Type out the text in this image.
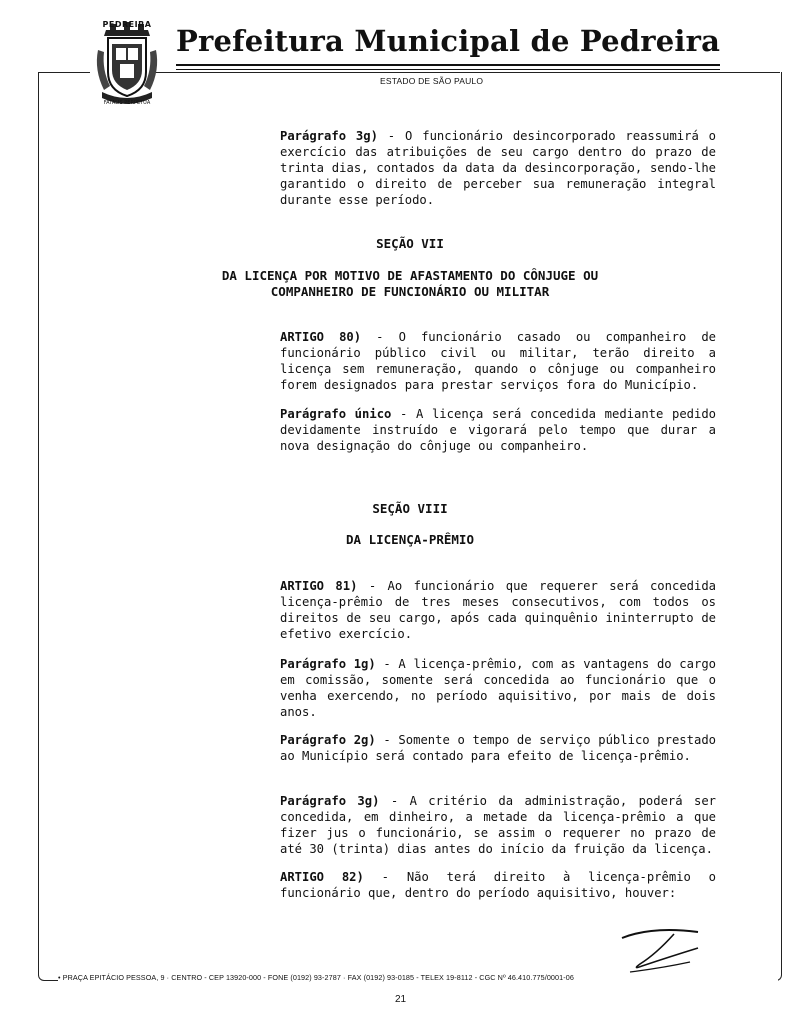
PEDREIRA
FATALIS PERPETUA
Prefeitura Municipal de Pedreira
ESTADO DE SÃO PAULO

Parágrafo 3g) - O funcionário desincorporado reassumirá o exercício das atribuições de seu cargo dentro do prazo de trinta dias, contados da data da desincorporação, sendo-lhe garantido o direito de perceber sua remuneração integral durante esse período.

SEÇÃO VII
DA LICENÇA POR MOTIVO DE AFASTAMENTO DO CÔNJUGE OU
COMPANHEIRO DE FUNCIONÁRIO OU MILITAR

ARTIGO 80) - O funcionário casado ou companheiro de funcionário público civil ou militar, terão direito a licença sem remuneração, quando o cônjuge ou companheiro forem designados para prestar serviços fora do Município.

Parágrafo único - A licença será concedida mediante pedido devidamente instruído e vigorará pelo tempo que durar a nova designação do cônjuge ou companheiro.

SEÇÃO VIII
DA LICENÇA-PRÊMIO

ARTIGO 81) - Ao funcionário que requerer será concedida licença-prêmio de tres meses consecutivos, com todos os direitos de seu cargo, após cada quinquênio ininterrupto de efetivo exercício.

Parágrafo 1g) - A licença-prêmio, com as vantagens do cargo em comissão, somente será concedida ao funcionário que o venha exercendo, no período aquisitivo, por mais de dois anos.

Parágrafo 2g) - Somente o tempo de serviço público prestado ao Município será contado para efeito de licença-prêmio.

Parágrafo 3g) - A critério da administração, poderá ser concedida, em dinheiro, a metade da licença-prêmio a que fizer jus o funcionário, se assim o requerer no prazo de até 30 (trinta) dias antes do início da fruição da licença.

ARTIGO 82) - Não terá direito à licença-prêmio o funcionário que, dentro do período aquisitivo, houver:

• PRAÇA EPITÁCIO PESSOA, 9 · CENTRO - CEP 13920-000 - FONE (0192) 93-2787 · FAX (0192) 93-0185 - TELEX 19-8112 - CGC Nº 46.410.775/0001-06
21
